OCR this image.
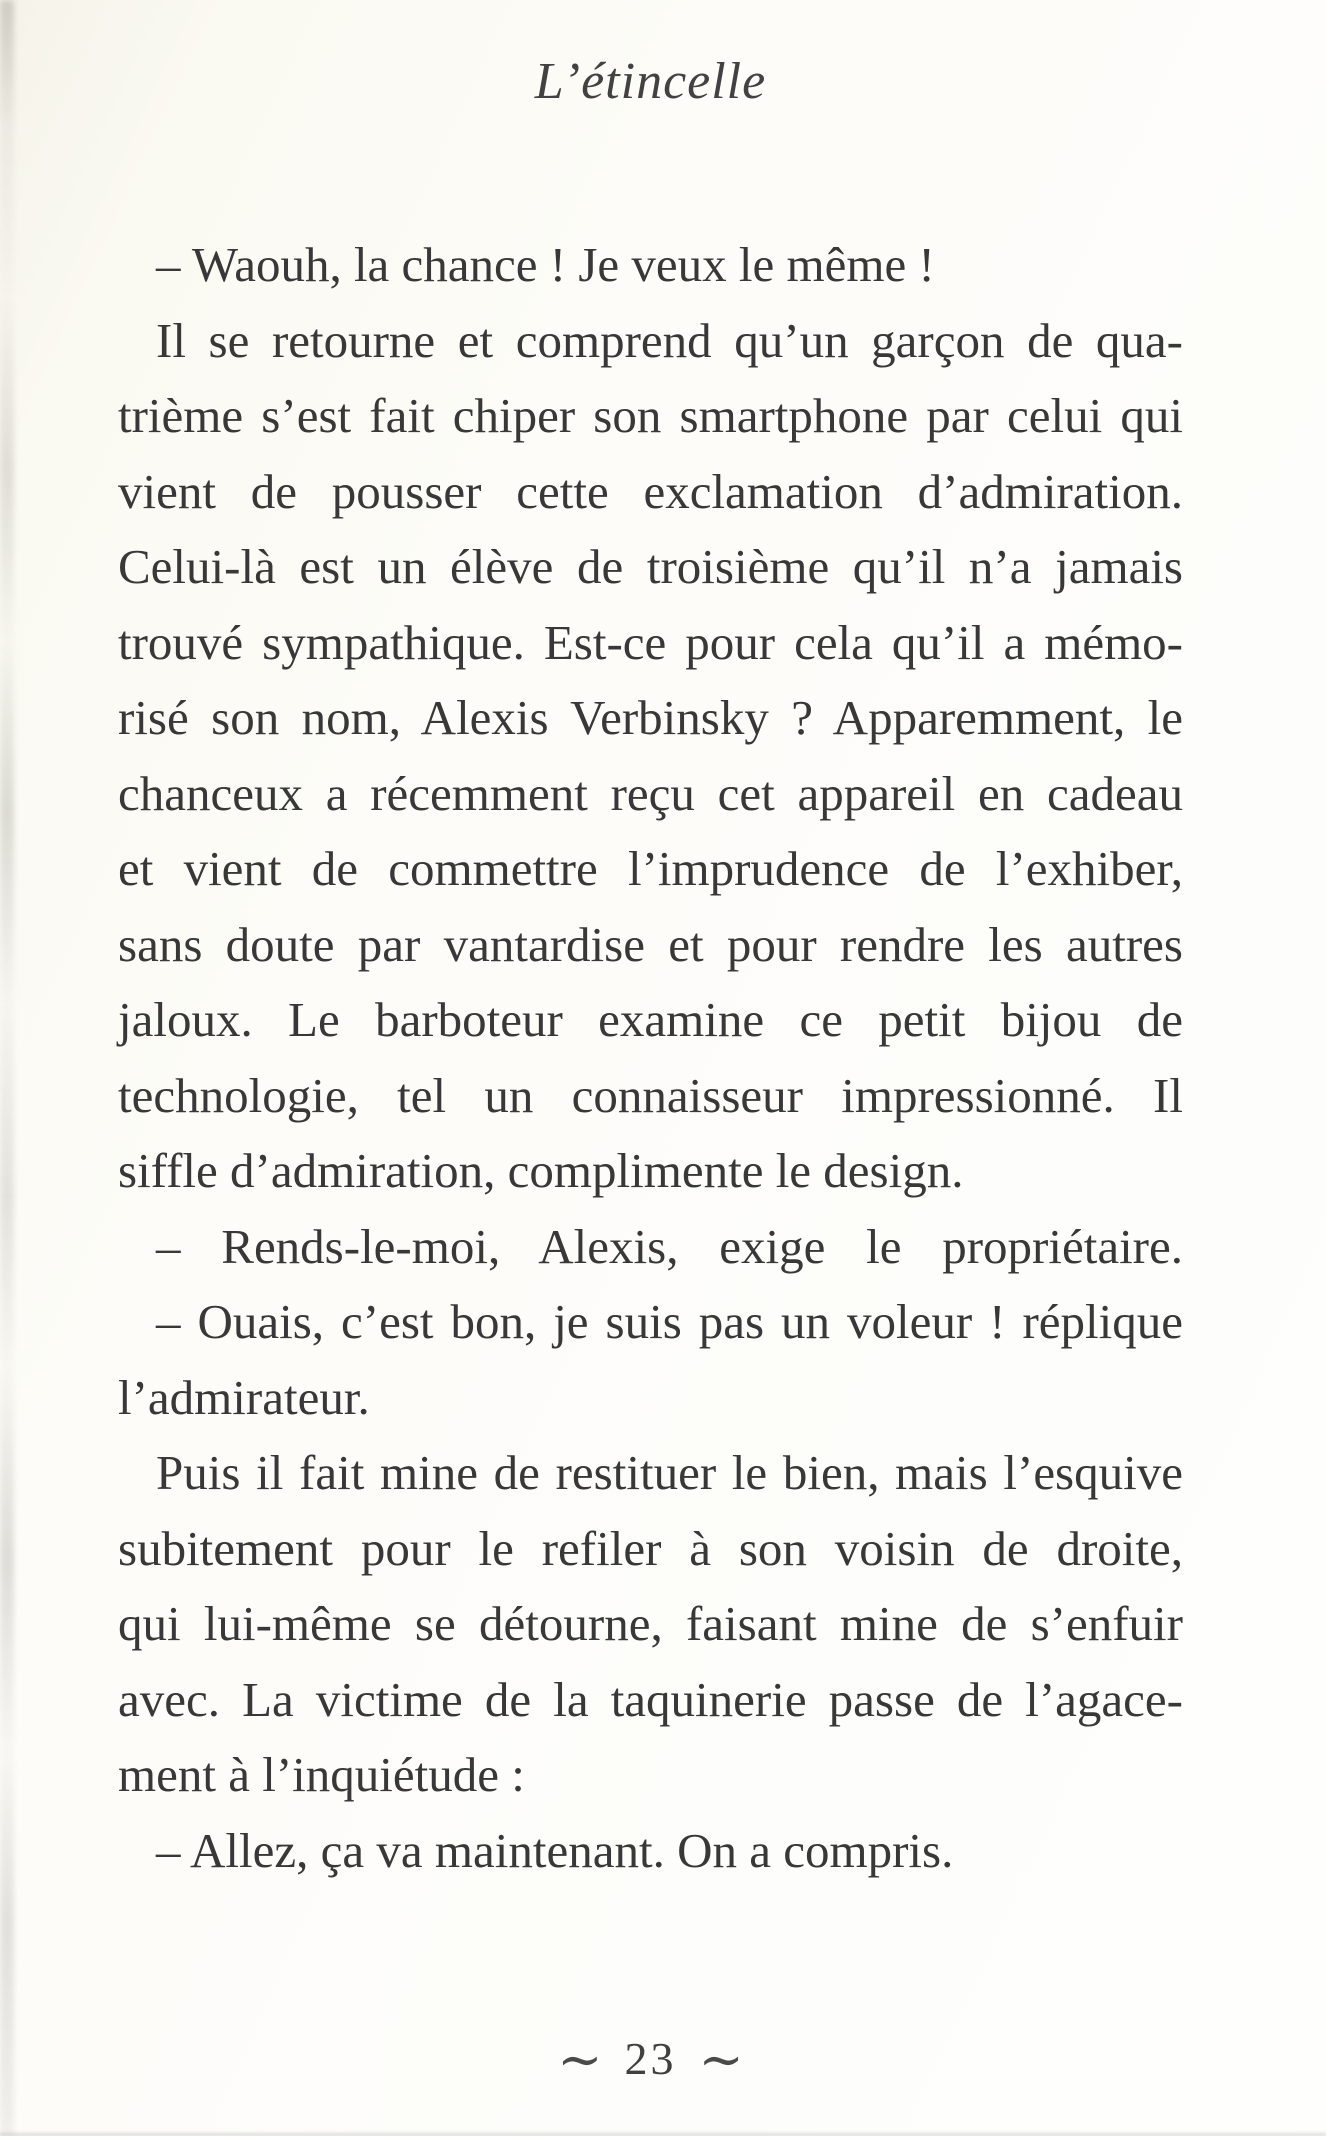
L’étincelle
– Waouh, la chance ! Je veux le même !
Il se retourne et comprend qu’un garçon de qua-
trième s’est fait chiper son smartphone par celui qui
vient de pousser cette exclamation d’admiration.
Celui-là est un élève de troisième qu’il n’a jamais
trouvé sympathique. Est-ce pour cela qu’il a mémo-
risé son nom, Alexis Verbinsky ? Apparemment, le
chanceux a récemment reçu cet appareil en cadeau
et vient de commettre l’imprudence de l’exhiber,
sans doute par vantardise et pour rendre les autres
jaloux. Le barboteur examine ce petit bijou de
technologie, tel un connaisseur impressionné. Il
siffle d’admiration, complimente le design.
– Rends-le-moi, Alexis, exige le propriétaire.
– Ouais, c’est bon, je suis pas un voleur ! réplique
l’admirateur.
Puis il fait mine de restituer le bien, mais l’esquive
subitement pour le refiler à son voisin de droite,
qui lui-même se détourne, faisant mine de s’enfuir
avec. La victime de la taquinerie passe de l’agace-
ment à l’inquiétude :
– Allez, ça va maintenant. On a compris.
∼ 23 ∼
